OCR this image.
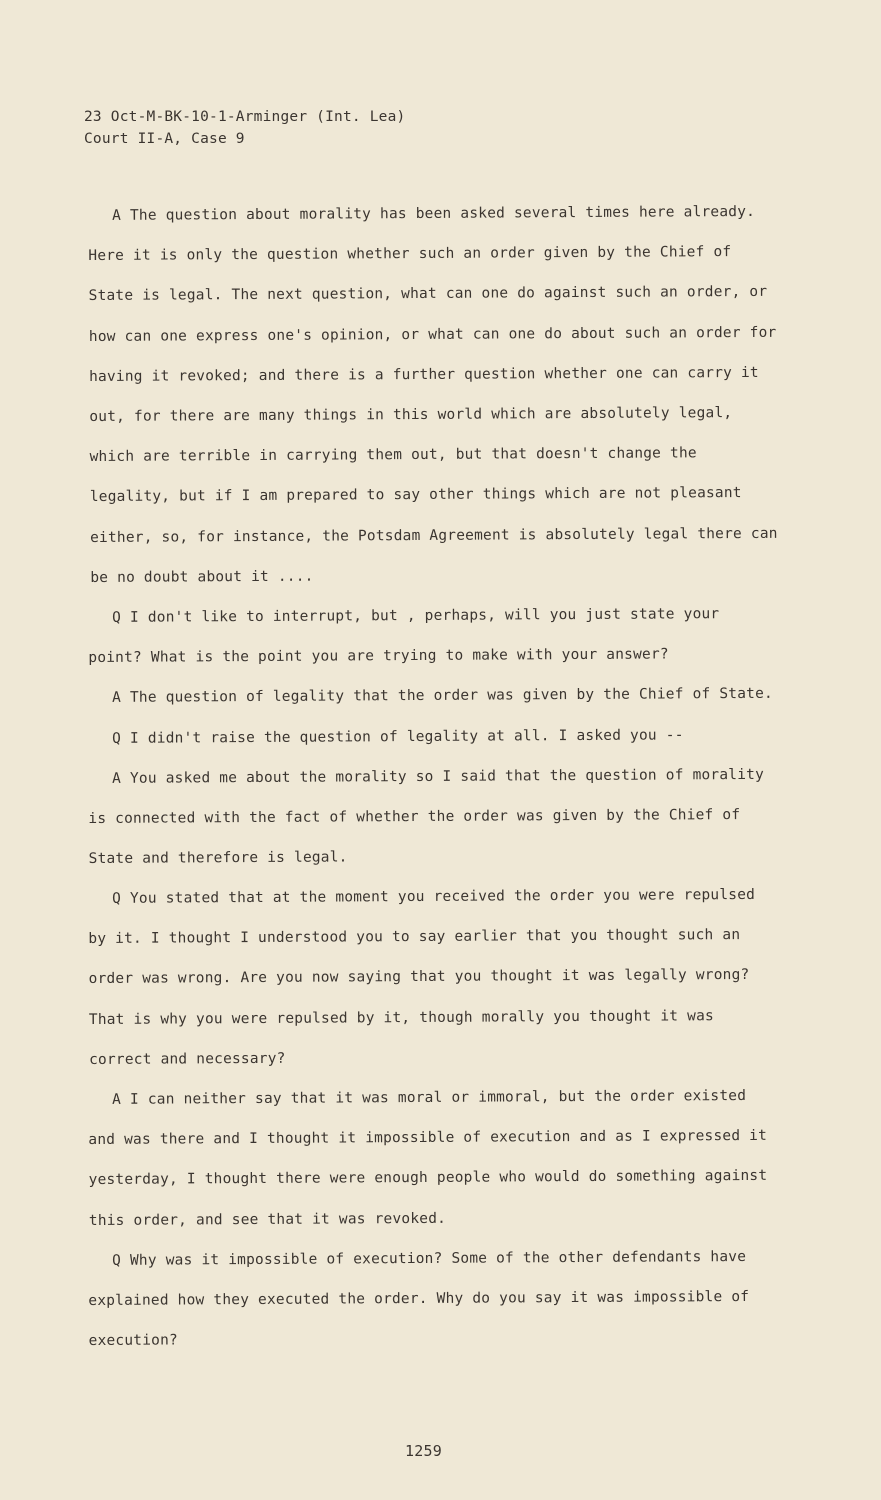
23 Oct-M-BK-10-1-Arminger (Int. Lea)
Court II-A, Case 9

A The question about morality has been asked several times here already. Here it is only the question whether such an order given by the Chief of State is legal. The next question, what can one do against such an order, or how can one express one's opinion, or what can one do about such an order for having it revoked; and there is a further question whether one can carry it out, for there are many things in this world which are absolutely legal, which are terrible in carrying them out, but that doesn't change the legality, but if I am prepared to say other things which are not pleasant either, so, for instance, the Potsdam Agreement is absolutely legal there can be no doubt about it ....

Q I don't like to interrupt, but , perhaps, will you just state your point? What is the point you are trying to make with your answer?

A The question of legality that the order was given by the Chief of State.

Q I didn't raise the question of legality at all. I asked you --

A You asked me about the morality so I said that the question of morality is connected with the fact of whether the order was given by the Chief of State and therefore is legal.

Q You stated that at the moment you received the order you were repulsed by it. I thought I understood you to say earlier that you thought such an order was wrong. Are you now saying that you thought it was legally wrong? That is why you were repulsed by it, though morally you thought it was correct and necessary?

A I can neither say that it was moral or immoral, but the order existed and was there and I thought it impossible of execution and as I expressed it yesterday, I thought there were enough people who would do something against this order, and see that it was revoked.

Q Why was it impossible of execution? Some of the other defendants have explained how they executed the order. Why do you say it was impossible of execution?

1259
